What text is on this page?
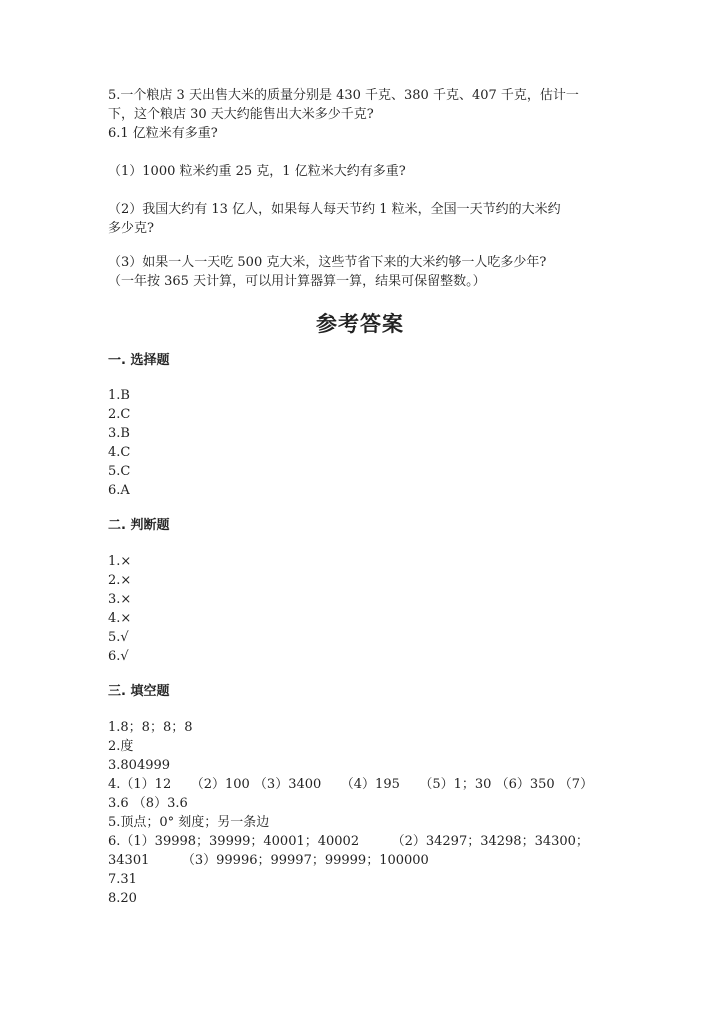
5.一个粮店 3 天出售大米的质量分别是 430 千克、380 千克、407 千克，估计一
下，这个粮店 30 天大约能售出大米多少千克?
6.1 亿粒米有多重?
（1）1000 粒米约重 25 克，1 亿粒米大约有多重?
（2）我国大约有 13 亿人，如果每人每天节约 1 粒米，全国一天节约的大米约
多少克?
（3）如果一人一天吃 500 克大米，这些节省下来的大米约够一人吃多少年?
（一年按 365 天计算，可以用计算器算一算，结果可保留整数。）
参考答案
一. 选择题
1.B
2.C
3.B
4.C
5.C
6.A
二. 判断题
1.×
2.×
3.×
4.×
5.√
6.√
三. 填空题
1.8；8；8；8
2.度
3.804999
4.（1）12　　（2）100 （3）3400　　（4）195　　（5）1；30 （6）350 （7）
3.6 （8）3.6
5.顶点；0° 刻度；另一条边
6.（1）39998；39999；40001；40002　　　（2）34297；34298；34300；
34301　　　（3）99996；99997；99999；100000
7.31
8.20
